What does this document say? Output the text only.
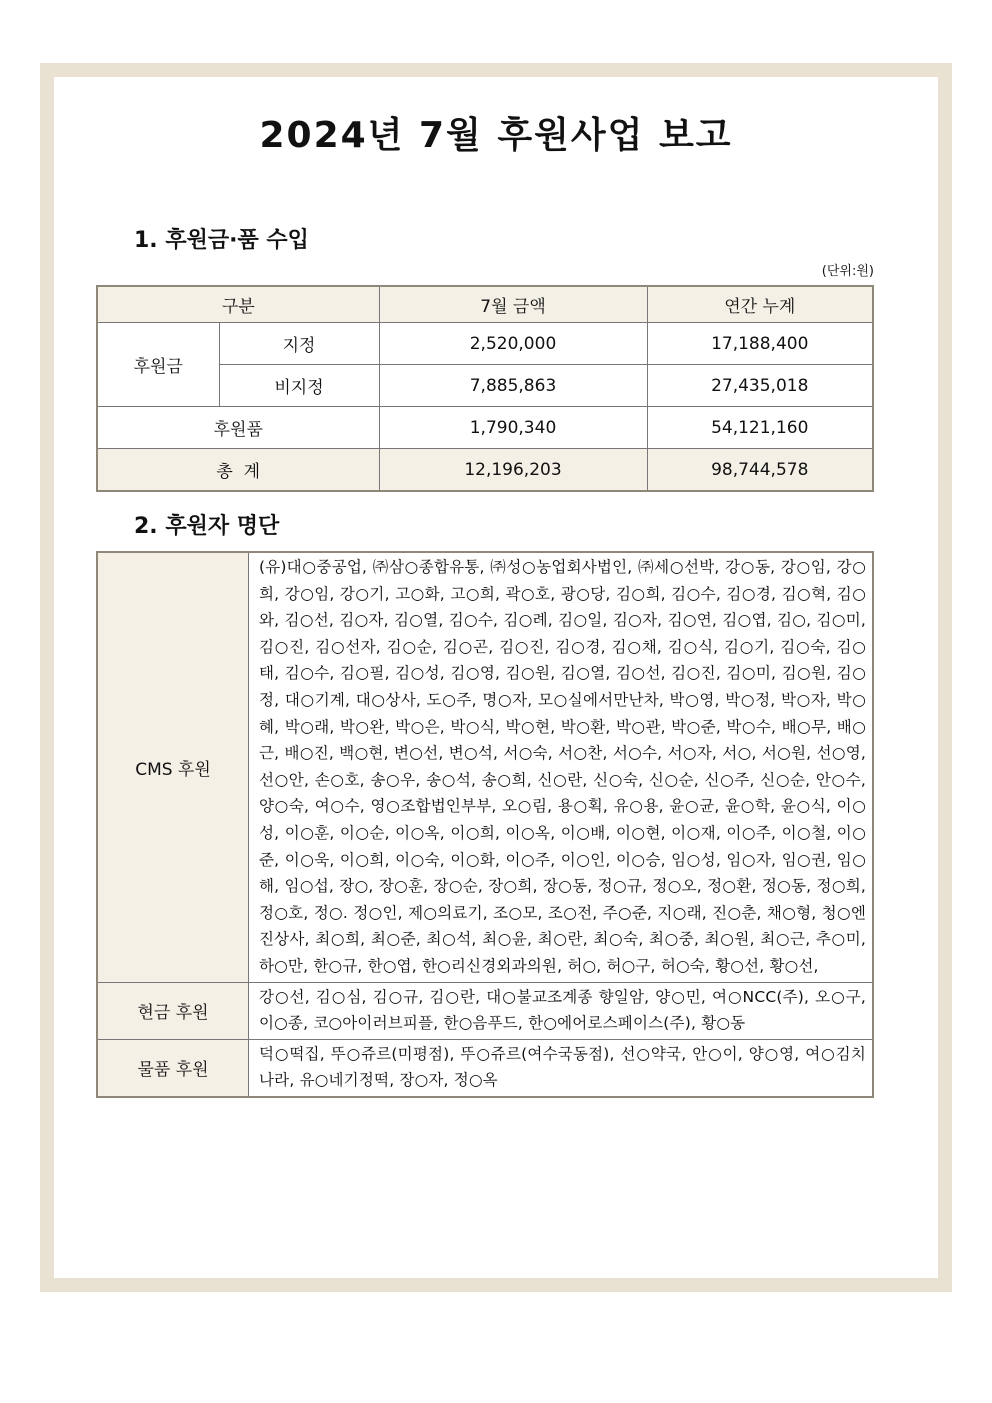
2024년 7월 후원사업 보고
1. 후원금·품 수입
(단위:원)
구분		7월 금액	연간 누계
후원금	지정	2,520,000	17,188,400
	비지정	7,885,863	27,435,018
후원품		1,790,340	54,121,160
총  계		12,196,203	98,744,578
2. 후원자 명단
CMS 후원	(유)대○중공업, ㈜삼○종합유통, ㈜성○농업회사법인, ㈜세○선박, 강○동, 강○임, 강○희, 강○임, 강○기, 고○화, 고○희, 곽○호, 광○당, 김○희, 김○수, 김○경, 김○혁, 김○와, 김○선, 김○자, 김○열, 김○수, 김○례, 김○일, 김○자, 김○연, 김○엽, 김○, 김○미, 김○진, 김○선자, 김○순, 김○곤, 김○진, 김○경, 김○채, 김○식, 김○기, 김○숙, 김○태, 김○수, 김○필, 김○성, 김○영, 김○원, 김○열, 김○선, 김○진, 김○미, 김○원, 김○정, 대○기계, 대○상사, 도○주, 명○자, 모○실에서만난차, 박○영, 박○정, 박○자, 박○혜, 박○래, 박○완, 박○은, 박○식, 박○현, 박○환, 박○관, 박○준, 박○수, 배○무, 배○근, 배○진, 백○현, 변○선, 변○석, 서○숙, 서○찬, 서○수, 서○자, 서○, 서○원, 선○영, 선○안, 손○호, 송○우, 송○석, 송○희, 신○란, 신○숙, 신○순, 신○주, 신○순, 안○수, 양○숙, 여○수, 영○조합법인부부, 오○림, 용○획, 유○용, 윤○균, 윤○학, 윤○식, 이○성, 이○훈, 이○순, 이○옥, 이○희, 이○옥, 이○배, 이○현, 이○재, 이○주, 이○철, 이○준, 이○욱, 이○희, 이○숙, 이○화, 이○주, 이○인, 이○승, 임○성, 임○자, 임○권, 임○해, 임○섭, 장○, 장○훈, 장○순, 장○희, 장○동, 정○규, 정○오, 정○환, 정○동, 정○희, 정○호, 정○. 정○인, 제○의료기, 조○모, 조○전, 주○준, 지○래, 진○춘, 채○형, 청○엔진상사, 최○희, 최○준, 최○석, 최○윤, 최○란, 최○숙, 최○중, 최○원, 최○근, 추○미, 하○만, 한○규, 한○엽, 한○리신경외과의원, 허○, 허○구, 허○숙, 황○선, 황○선,
현금 후원	강○선, 김○심, 김○규, 김○란, 대○불교조계종 향일암, 양○민, 여○NCC(주), 오○구, 이○종, 코○아이러브피플, 한○음푸드, 한○에어로스페이스(주), 황○동
물품 후원	덕○떡집, 뚜○쥬르(미평점), 뚜○쥬르(여수국동점), 선○약국, 안○이, 양○영, 여○김치나라, 유○네기정떡, 장○자, 정○옥
